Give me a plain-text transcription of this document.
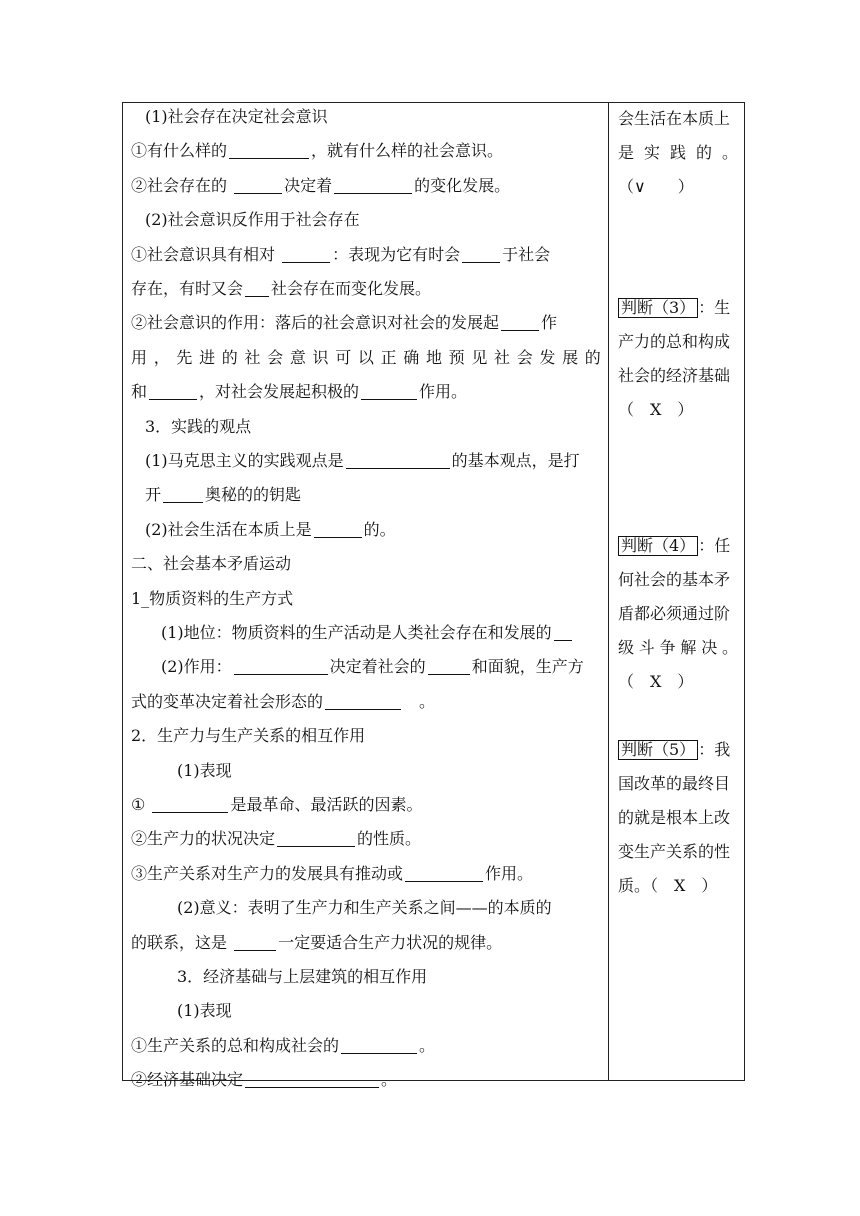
(1)社会存在决定社会意识
①有什么样的	，就有什么样的社会意识。
②社会存在的	决定着	的变化发展。
(2)社会意识反作用于社会存在
①社会意识具有相对	：表现为它有时会	于社会
存在，有时又会 社会存在而变化发展。
②社会意识的作用：落后的社会意识对社会的发展起	作
用 ， 先 进 的 社 会 意 识 可 以 正 确 地 预 见 社 会 发 展 的
和	，对社会发展起积极的	作用。
3．实践的观点
(1)马克思主义的实践观点是	的基本观点，是打
开	奥秘的的钥匙
(2)社会生活在本质上是	的。
二、社会基本矛盾运动
1_物质资料的生产方式
(1)地位：物质资料的生产活动是人类社会存在和发展的
(2)作用：	决定着社会的	和面貌，生产方
式的变革决定着社会形态的	　。
2．生产力与生产关系的相互作用
(1)表现
①	是最革命、最活跃的因素。
②生产力的状况决定	的性质。
③生产关系对生产力的发展具有推动或	作用。
(2)意义：表明了生产力和生产关系之间——的本质的
的联系，这是	一定要适合生产力状况的规律。
3．经济基础与上层建筑的相互作用
(1)表现
①生产关系的总和构成社会的	。
②经济基础决定	。
会生活在本质上
是 实 践 的 。
（∨　　）
判断（3） ：生
产力的总和构成
社会的经济基础
（　X　）
判断（4） ：任
何社会的基本矛
盾都必须通过阶
级 斗 争 解 决 。
（　X　）
判断（5） ：我
国改革的最终目
的就是根本上改
变生产关系的性
质。（　X　）
